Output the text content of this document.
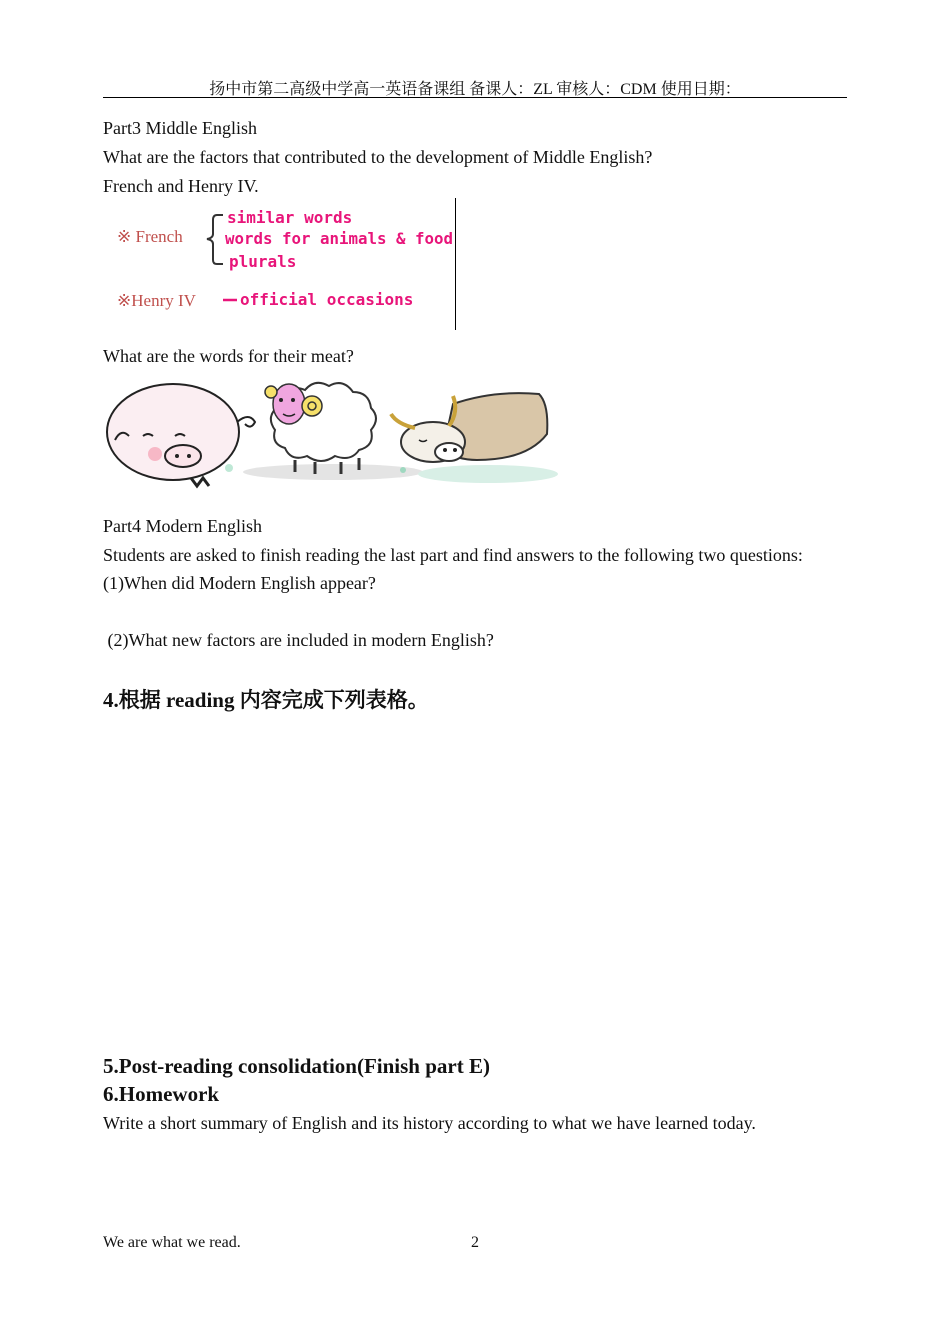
扬中市第二高级中学高一英语备课组 备课人：ZL 审核人：CDM 使用日期：
Part3 Middle English
What are the factors that contributed to the development of Middle English?
French and Henry IV.
※ French
similar words
words for animals & food
plurals
※Henry IV	official occasions
What are the words for their meat?
Part4 Modern English
Students are asked to finish reading the last part and find answers to the following two questions:
(1)When did Modern English appear?
(2)What new factors are included in modern English?
4.根据 reading 内容完成下列表格。
5.Post-reading consolidation(Finish part E)
6.Homework
Write a short summary of English and its history according to what we have learned today.
We are what we read.	2
